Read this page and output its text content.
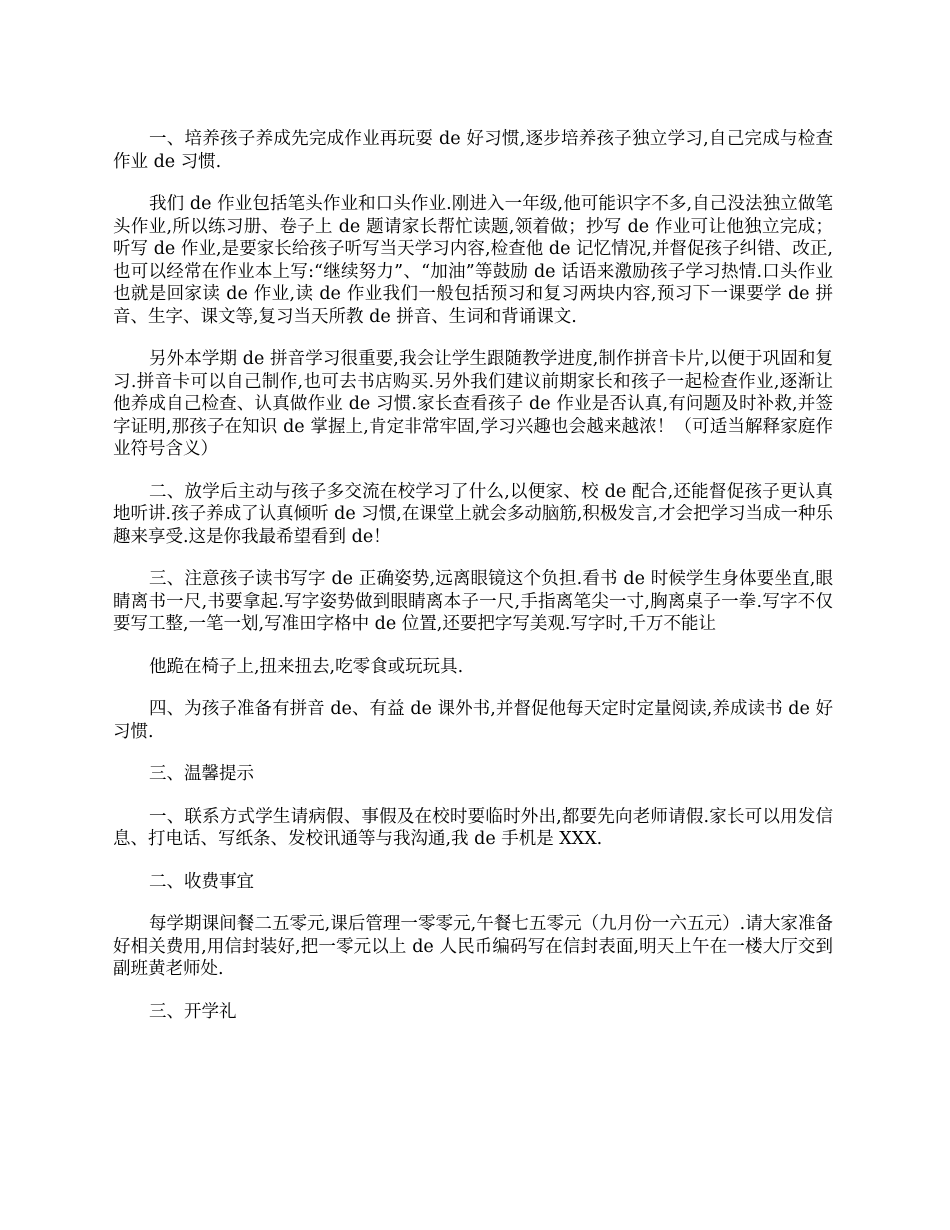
一、培养孩子养成先完成作业再玩耍 de 好习惯,逐步培养孩子独立学习,自己完成与检查作业 de 习惯.

我们 de 作业包括笔头作业和口头作业.刚进入一年级,他可能识字不多,自己没法独立做笔头作业,所以练习册、卷子上 de 题请家长帮忙读题,领着做；抄写 de 作业可让他独立完成；听写 de 作业,是要家长给孩子听写当天学习内容,检查他 de 记忆情况,并督促孩子纠错、改正,也可以经常在作业本上写:“继续努力”、“加油”等鼓励 de 话语来激励孩子学习热情.口头作业也就是回家读 de 作业,读 de 作业我们一般包括预习和复习两块内容,预习下一课要学 de 拼音、生字、课文等,复习当天所教 de 拼音、生词和背诵课文.

另外本学期 de 拼音学习很重要,我会让学生跟随教学进度,制作拼音卡片,以便于巩固和复习.拼音卡可以自己制作,也可去书店购买.另外我们建议前期家长和孩子一起检查作业,逐渐让他养成自己检查、认真做作业 de 习惯.家长查看孩子 de 作业是否认真,有问题及时补救,并签字证明,那孩子在知识 de 掌握上,肯定非常牢固,学习兴趣也会越来越浓！（可适当解释家庭作业符号含义）

二、放学后主动与孩子多交流在校学习了什么,以便家、校 de 配合,还能督促孩子更认真地听讲.孩子养成了认真倾听 de 习惯,在课堂上就会多动脑筋,积极发言,才会把学习当成一种乐趣来享受.这是你我最希望看到 de！

三、注意孩子读书写字 de 正确姿势,远离眼镜这个负担.看书 de 时候学生身体要坐直,眼睛离书一尺,书要拿起.写字姿势做到眼睛离本子一尺,手指离笔尖一寸,胸离桌子一拳.写字不仅要写工整,一笔一划,写准田字格中 de 位置,还要把字写美观.写字时,千万不能让

他跪在椅子上,扭来扭去,吃零食或玩玩具.

四、为孩子准备有拼音 de、有益 de 课外书,并督促他每天定时定量阅读,养成读书 de 好习惯.

三、温馨提示

一、联系方式学生请病假、事假及在校时要临时外出,都要先向老师请假.家长可以用发信息、打电话、写纸条、发校讯通等与我沟通,我 de 手机是 XXX.

二、收费事宜

每学期课间餐二五零元,课后管理一零零元,午餐七五零元（九月份一六五元）.请大家准备好相关费用,用信封装好,把一零元以上 de 人民币编码写在信封表面,明天上午在一楼大厅交到副班黄老师处.

三、开学礼
